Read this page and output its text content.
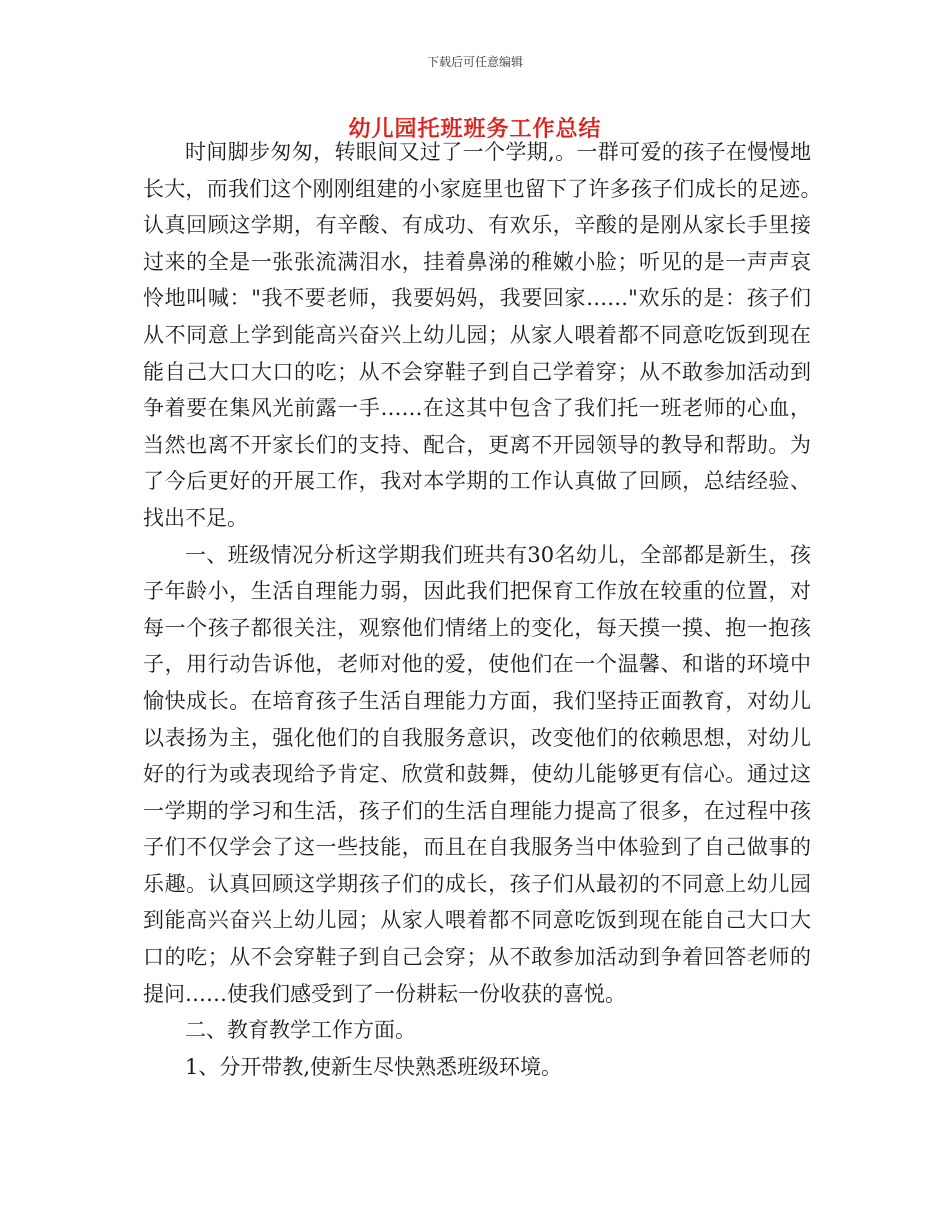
下载后可任意编辑
幼儿园托班班务工作总结

时间脚步匆匆，转眼间又过了一个学期,。一群可爱的孩子在慢慢地长大，而我们这个刚刚组建的小家庭里也留下了许多孩子们成长的足迹。　认真回顾这学期，有辛酸、有成功、有欢乐，辛酸的是刚从家长手里接过来的全是一张张流满泪水，挂着鼻涕的稚嫩小脸；听见的是一声声哀怜地叫喊："我不要老师，我要妈妈，我要回家……"欢乐的是：孩子们从不同意上学到能高兴奋兴上幼儿园；从家人喂着都不同意吃饭到现在能自己大口大口的吃；从不会穿鞋子到自己学着穿；从不敢参加活动到争着要在集风光前露一手……在这其中包含了我们托一班老师的心血，当然也离不开家长们的支持、配合，更离不开园领导的教导和帮助。为了今后更好的开展工作，我对本学期的工作认真做了回顾，总结经验、找出不足。

一、班级情况分析这学期我们班共有30名幼儿，全部都是新生，孩子年龄小，生活自理能力弱，因此我们把保育工作放在较重的位置，对每一个孩子都很关注，观察他们情绪上的变化，每天摸一摸、抱一抱孩子，用行动告诉他，老师对他的爱，使他们在一个温馨、和谐的环境中愉快成长。在培育孩子生活自理能力方面，我们坚持正面教育，对幼儿以表扬为主，强化他们的自我服务意识，改变他们的依赖思想，对幼儿好的行为或表现给予肯定、欣赏和鼓舞，使幼儿能够更有信心。通过这一学期的学习和生活，孩子们的生活自理能力提高了很多，在过程中孩子们不仅学会了这一些技能，而且在自我服务当中体验到了自己做事的乐趣。认真回顾这学期孩子们的成长，孩子们从最初的不同意上幼儿园到能高兴奋兴上幼儿园；从家人喂着都不同意吃饭到现在能自己大口大口的吃；从不会穿鞋子到自己会穿；从不敢参加活动到争着回答老师的提问……使我们感受到了一份耕耘一份收获的喜悦。

二、教育教学工作方面。

1、分开带教,使新生尽快熟悉班级环境。
